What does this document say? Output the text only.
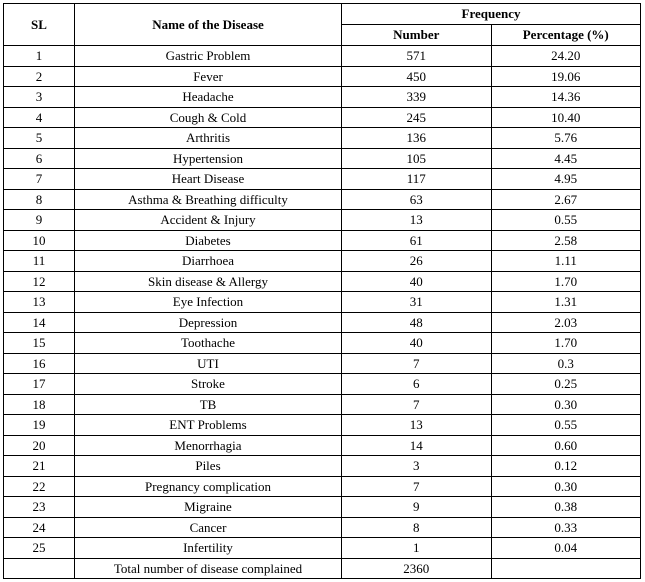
SL	Name of the Disease	Frequency	
		Number	Percentage (%)
1	Gastric Problem	571	24.20
2	Fever	450	19.06
3	Headache	339	14.36
4	Cough & Cold	245	10.40
5	Arthritis	136	5.76
6	Hypertension	105	4.45
7	Heart Disease	117	4.95
8	Asthma & Breathing difficulty	63	2.67
9	Accident & Injury	13	0.55
10	Diabetes	61	2.58
11	Diarrhoea	26	1.11
12	Skin disease & Allergy	40	1.70
13	Eye Infection	31	1.31
14	Depression	48	2.03
15	Toothache	40	1.70
16	UTI	7	0.3
17	Stroke	6	0.25
18	TB	7	0.30
19	ENT Problems	13	0.55
20	Menorrhagia	14	0.60
21	Piles	3	0.12
22	Pregnancy complication	7	0.30
23	Migraine	9	0.38
24	Cancer	8	0.33
25	Infertility	1	0.04
	Total number of disease complained	2360	
